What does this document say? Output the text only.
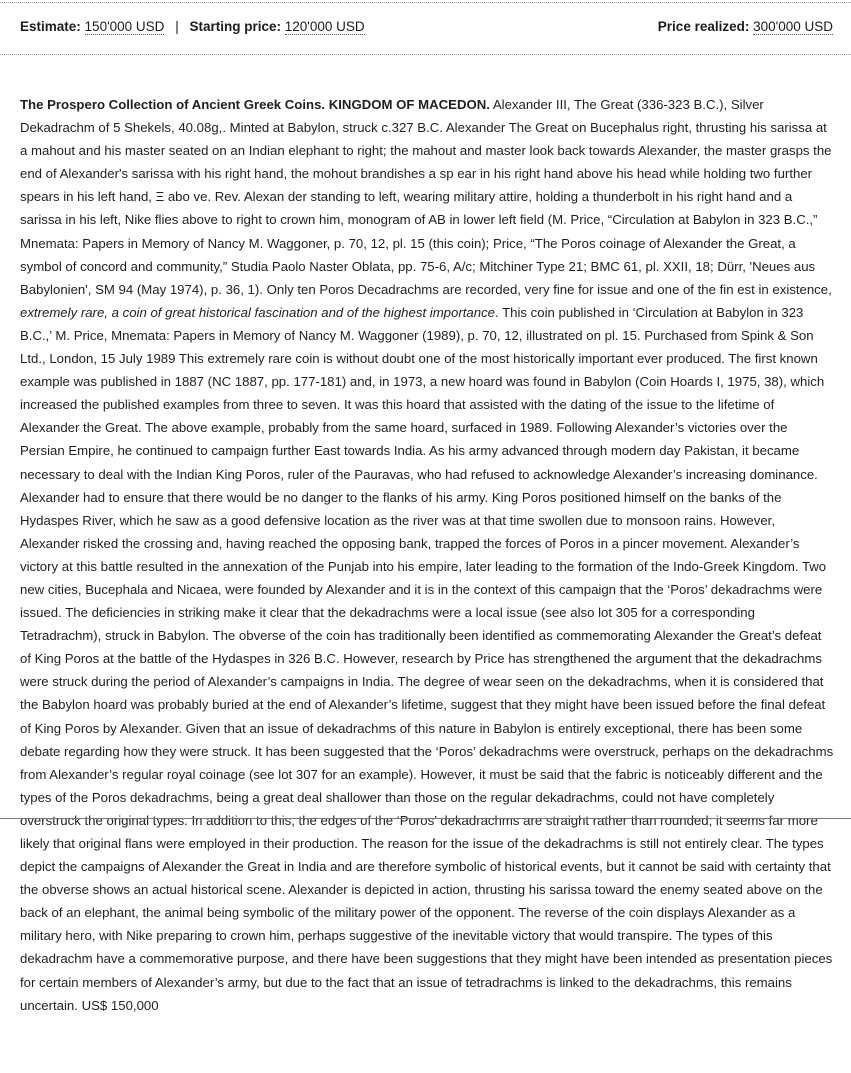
Estimate: 150'000 USD | Starting price: 120'000 USD	Price realized: 300'000 USD

The Prospero Collection of Ancient Greek Coins. KINGDOM OF MACEDON. Alexander III, The Great (336-323 B.C.), Silver Dekadrachm of 5 Shekels, 40.08g,. Minted at Babylon, struck c.327 B.C. Alexander The Great on Bucephalus right, thrusting his sarissa at a mahout and his master seated on an Indian elephant to right; the mahout and master look back towards Alexander, the master grasps the end of Alexander's sarissa with his right hand, the mohout brandishes a sp ear in his right hand above his head while holding two further spears in his left hand, Ξ abo ve. Rev. Alexan der standing to left, wearing military attire, holding a thunderbolt in his right hand and a sarissa in his left, Nike flies above to right to crown him, monogram of AB in lower left field (M. Price, “Circulation at Babylon in 323 B.C.,” Mnemata: Papers in Memory of Nancy M. Waggoner, p. 70, 12, pl. 15 (this coin); Price, “The Poros coinage of Alexander the Great, a symbol of concord and community,” Studia Paolo Naster Oblata, pp. 75-6, A/c; Mitchiner Type 21; BMC 61, pl. XXII, 18; Dürr, 'Neues aus Babylonien', SM 94 (May 1974), p. 36, 1). Only ten Poros Decadrachms are recorded, very fine for issue and one of the fin est in existence, extremely rare, a coin of great historical fascination and of the highest importance. This coin published in ‘Circulation at Babylon in 323 B.C.,’ M. Price, Mnemata: Papers in Memory of Nancy M. Waggoner (1989), p. 70, 12, illustrated on pl. 15. Purchased from Spink & Son Ltd., London, 15 July 1989 This extremely rare coin is without doubt one of the most historically important ever produced. The first known example was published in 1887 (NC 1887, pp. 177-181) and, in 1973, a new hoard was found in Babylon (Coin Hoards I, 1975, 38), which increased the published examples from three to seven. It was this hoard that assisted with the dating of the issue to the lifetime of Alexander the Great. The above example, probably from the same hoard, surfaced in 1989. Following Alexander’s victories over the Persian Empire, he continued to campaign further East towards India. As his army advanced through modern day Pakistan, it became necessary to deal with the Indian King Poros, ruler of the Pauravas, who had refused to acknowledge Alexander’s increasing dominance. Alexander had to ensure that there would be no danger to the flanks of his army. King Poros positioned himself on the banks of the Hydaspes River, which he saw as a good defensive location as the river was at that time swollen due to monsoon rains. However, Alexander risked the crossing and, having reached the opposing bank, trapped the forces of Poros in a pincer movement. Alexander’s victory at this battle resulted in the annexation of the Punjab into his empire, later leading to the formation of the Indo-Greek Kingdom. Two new cities, Bucephala and Nicaea, were founded by Alexander and it is in the context of this campaign that the ‘Poros’ dekadrachms were issued. The deficiencies in striking make it clear that the dekadrachms were a local issue (see also lot 305 for a corresponding Tetradrachm), struck in Babylon. The obverse of the coin has traditionally been identified as commemorating Alexander the Great’s defeat of King Poros at the battle of the Hydaspes in 326 B.C. However, research by Price has strengthened the argument that the dekadrachms were struck during the period of Alexander’s campaigns in India. The degree of wear seen on the dekadrachms, when it is considered that the Babylon hoard was probably buried at the end of Alexander’s lifetime, suggest that they might have been issued before the final defeat of King Poros by Alexander. Given that an issue of dekadrachms of this nature in Babylon is entirely exceptional, there has been some debate regarding how they were struck. It has been suggested that the ‘Poros’ dekadrachms were overstruck, perhaps on the dekadrachms from Alexander’s regular royal coinage (see lot 307 for an example). However, it must be said that the fabric is noticeably different and the types of the Poros dekadrachms, being a great deal shallower than those on the regular dekadrachms, could not have completely overstruck the original types. In addition to this, the edges of the ‘Poros’ dekadrachms are straight rather than rounded; it seems far more likely that original flans were employed in their production. The reason for the issue of the dekadrachms is still not entirely clear. The types depict the campaigns of Alexander the Great in India and are therefore symbolic of historical events, but it cannot be said with certainty that the obverse shows an actual historical scene. Alexander is depicted in action, thrusting his sarissa toward the enemy seated above on the back of an elephant, the animal being symbolic of the military power of the opponent. The reverse of the coin displays Alexander as a military hero, with Nike preparing to crown him, perhaps suggestive of the inevitable victory that would transpire. The types of this dekadrachm have a commemorative purpose, and there have been suggestions that they might have been intended as presentation pieces for certain members of Alexander’s army, but due to the fact that an issue of tetradrachms is linked to the dekadrachms, this remains uncertain. US$ 150,000
